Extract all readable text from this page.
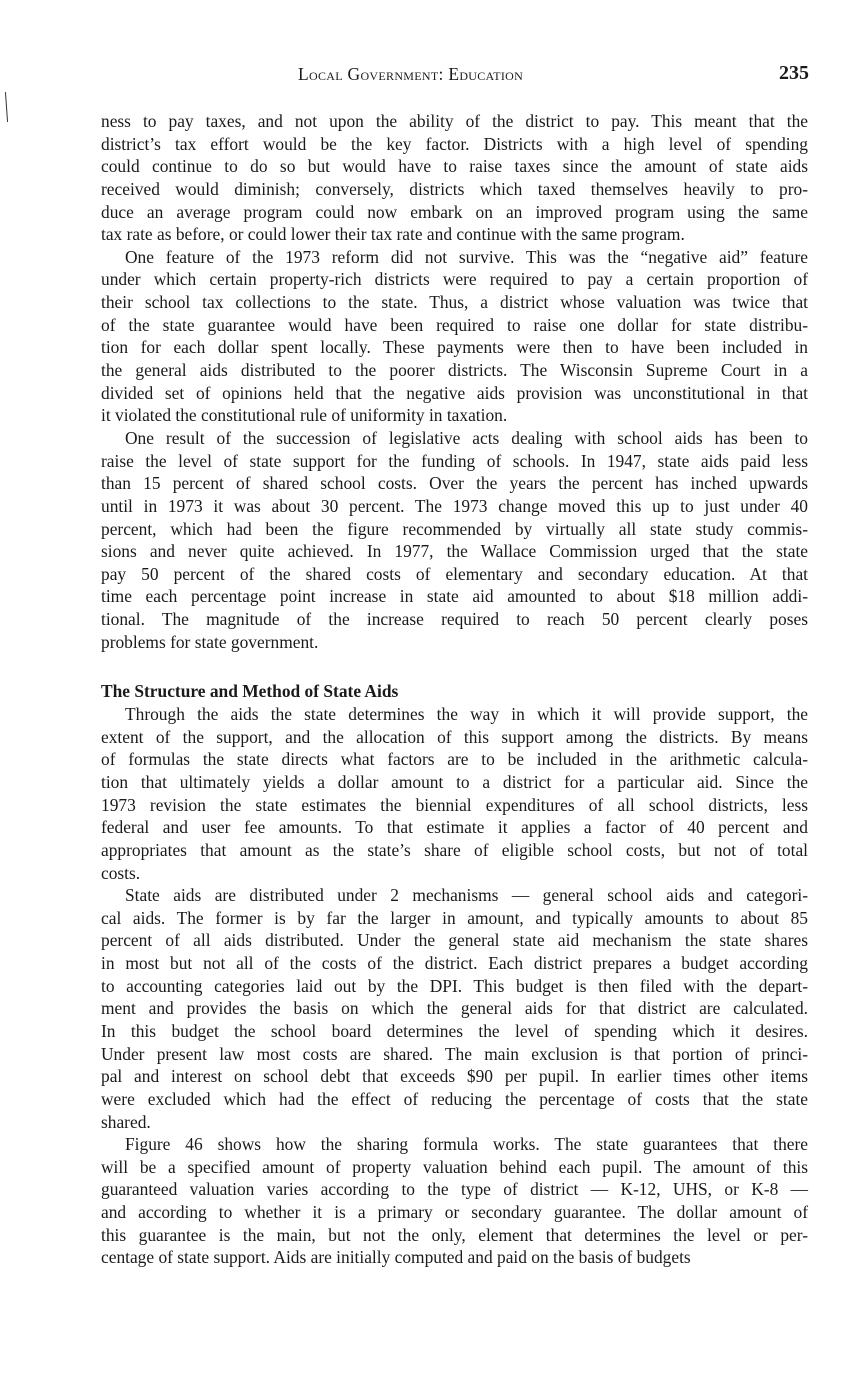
Local Government: Education	235
ness to pay taxes, and not upon the ability of the district to pay. This meant that the
district’s tax effort would be the key factor. Districts with a high level of spending
could continue to do so but would have to raise taxes since the amount of state aids
received would diminish; conversely, districts which taxed themselves heavily to pro-
duce an average program could now embark on an improved program using the same
tax rate as before, or could lower their tax rate and continue with the same program.
One feature of the 1973 reform did not survive. This was the “negative aid” feature
under which certain property-rich districts were required to pay a certain proportion of
their school tax collections to the state. Thus, a district whose valuation was twice that
of the state guarantee would have been required to raise one dollar for state distribu-
tion for each dollar spent locally. These payments were then to have been included in
the general aids distributed to the poorer districts. The Wisconsin Supreme Court in a
divided set of opinions held that the negative aids provision was unconstitutional in that
it violated the constitutional rule of uniformity in taxation.
One result of the succession of legislative acts dealing with school aids has been to
raise the level of state support for the funding of schools. In 1947, state aids paid less
than 15 percent of shared school costs. Over the years the percent has inched upwards
until in 1973 it was about 30 percent. The 1973 change moved this up to just under 40
percent, which had been the figure recommended by virtually all state study commis-
sions and never quite achieved. In 1977, the Wallace Commission urged that the state
pay 50 percent of the shared costs of elementary and secondary education. At that
time each percentage point increase in state aid amounted to about $18 million addi-
tional. The magnitude of the increase required to reach 50 percent clearly poses
problems for state government.
The Structure and Method of State Aids
Through the aids the state determines the way in which it will provide support, the
extent of the support, and the allocation of this support among the districts. By means
of formulas the state directs what factors are to be included in the arithmetic calcula-
tion that ultimately yields a dollar amount to a district for a particular aid. Since the
1973 revision the state estimates the biennial expenditures of all school districts, less
federal and user fee amounts. To that estimate it applies a factor of 40 percent and
appropriates that amount as the state’s share of eligible school costs, but not of total
costs.
State aids are distributed under 2 mechanisms — general school aids and categori-
cal aids. The former is by far the larger in amount, and typically amounts to about 85
percent of all aids distributed. Under the general state aid mechanism the state shares
in most but not all of the costs of the district. Each district prepares a budget according
to accounting categories laid out by the DPI. This budget is then filed with the depart-
ment and provides the basis on which the general aids for that district are calculated.
In this budget the school board determines the level of spending which it desires.
Under present law most costs are shared. The main exclusion is that portion of princi-
pal and interest on school debt that exceeds $90 per pupil. In earlier times other items
were excluded which had the effect of reducing the percentage of costs that the state
shared.
Figure 46 shows how the sharing formula works. The state guarantees that there
will be a specified amount of property valuation behind each pupil. The amount of this
guaranteed valuation varies according to the type of district — K-12, UHS, or K-8 —
and according to whether it is a primary or secondary guarantee. The dollar amount of
this guarantee is the main, but not the only, element that determines the level or per-
centage of state support. Aids are initially computed and paid on the basis of budgets
